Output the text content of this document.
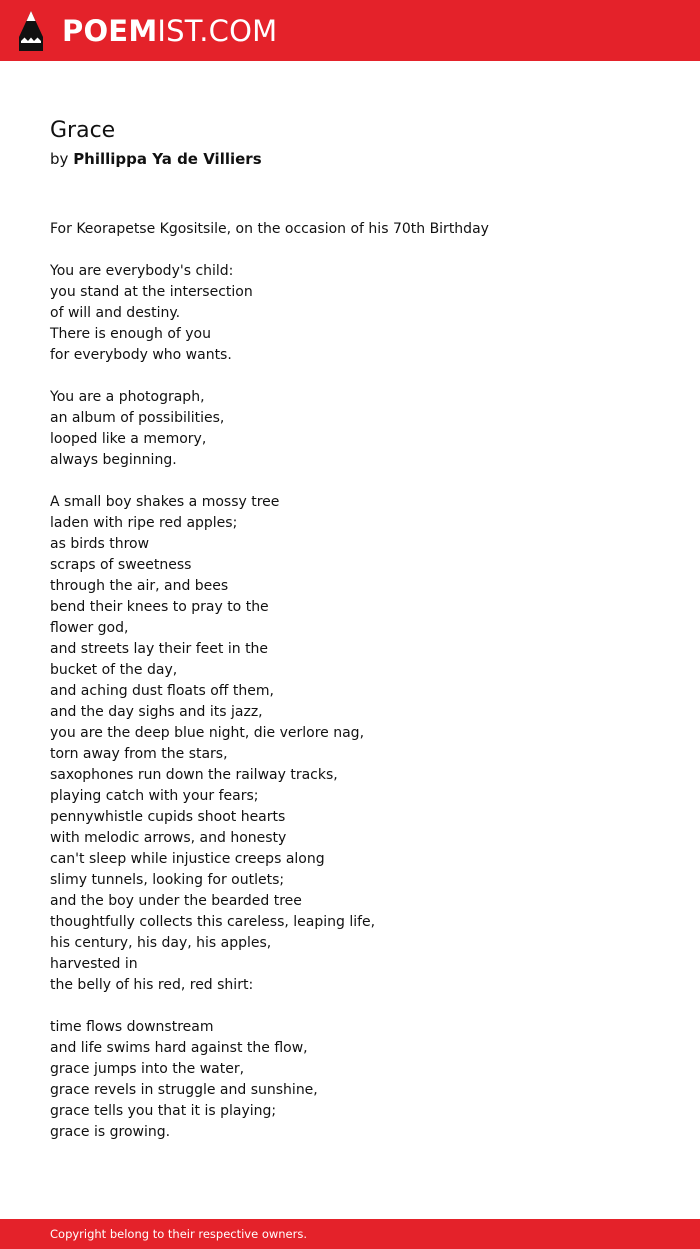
POEMIST.COM
Grace
by Phillippa Ya de Villiers
For Keorapetse Kgositsile, on the occasion of his 70th Birthday
You are everybody's child:
you stand at the intersection
of will and destiny.
There is enough of you
for everybody who wants.
You are a photograph,
an album of possibilities,
looped like a memory,
always beginning.
A small boy shakes a mossy tree
laden with ripe red apples;
as birds throw
scraps of sweetness
through the air, and bees
bend their knees to pray to the
flower god,
and streets lay their feet in the
bucket of the day,
and aching dust floats off them,
and the day sighs and its jazz,
you are the deep blue night, die verlore nag,
torn away from the stars,
saxophones run down the railway tracks,
playing catch with your fears;
pennywhistle cupids shoot hearts
with melodic arrows, and honesty
can't sleep while injustice creeps along
slimy tunnels, looking for outlets;
and the boy under the bearded tree
thoughtfully collects this careless, leaping life,
his century, his day, his apples,
harvested in
the belly of his red, red shirt:
time flows downstream
and life swims hard against the flow,
grace jumps into the water,
grace revels in struggle and sunshine,
grace tells you that it is playing;
grace is growing.
Copyright belong to their respective owners.
